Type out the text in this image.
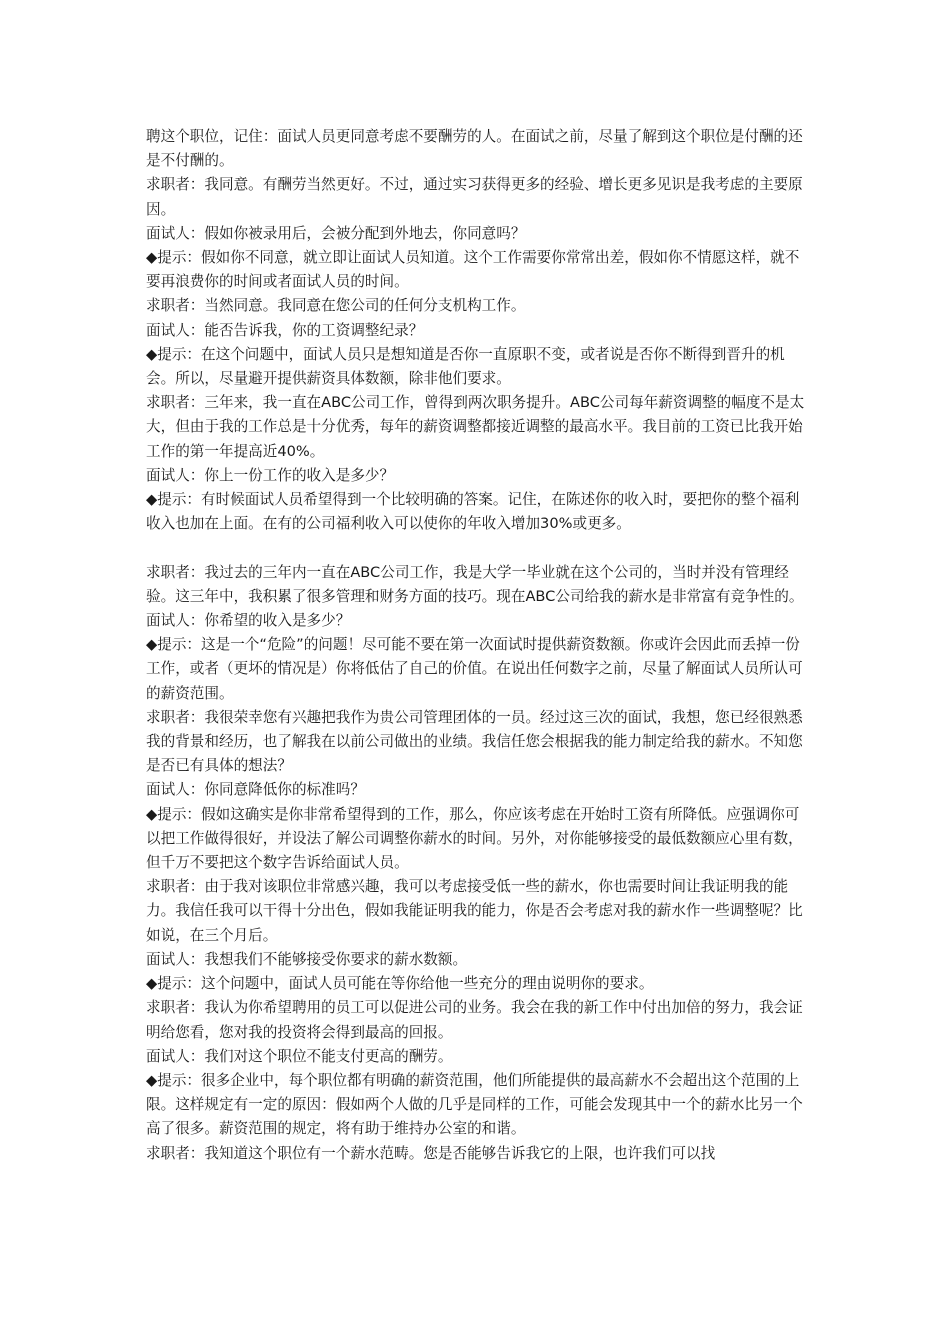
聘这个职位，记住：面试人员更同意考虑不要酬劳的人。在面试之前，尽量了解到这个职位是付酬的还是不付酬的。

求职者：我同意。有酬劳当然更好。不过，通过实习获得更多的经验、增长更多见识是我考虑的主要原因。

面试人：假如你被录用后，会被分配到外地去，你同意吗？

◆提示：假如你不同意，就立即让面试人员知道。这个工作需要你常常出差，假如你不情愿这样，就不要再浪费你的时间或者面试人员的时间。

求职者：当然同意。我同意在您公司的任何分支机构工作。

面试人：能否告诉我，你的工资调整纪录？

◆提示：在这个问题中，面试人员只是想知道是否你一直原职不变，或者说是否你不断得到晋升的机会。所以，尽量避开提供薪资具体数额，除非他们要求。

求职者：三年来，我一直在ABC公司工作，曾得到两次职务提升。ABC公司每年薪资调整的幅度不是太大，但由于我的工作总是十分优秀，每年的薪资调整都接近调整的最高水平。我目前的工资已比我开始工作的第一年提高近40%。

面试人：你上一份工作的收入是多少？

◆提示：有时候面试人员希望得到一个比较明确的答案。记住，在陈述你的收入时，要把你的整个福利收入也加在上面。在有的公司福利收入可以使你的年收入增加30%或更多。

求职者：我过去的三年内一直在ABC公司工作，我是大学一毕业就在这个公司的，当时并没有管理经验。这三年中，我积累了很多管理和财务方面的技巧。现在ABC公司给我的薪水是非常富有竞争性的。

面试人：你希望的收入是多少？

◆提示：这是一个“危险”的问题！尽可能不要在第一次面试时提供薪资数额。你或许会因此而丢掉一份工作，或者（更坏的情况是）你将低估了自己的价值。在说出任何数字之前，尽量了解面试人员所认可的薪资范围。

求职者：我很荣幸您有兴趣把我作为贵公司管理团体的一员。经过这三次的面试，我想，您已经很熟悉我的背景和经历，也了解我在以前公司做出的业绩。我信任您会根据我的能力制定给我的薪水。不知您是否已有具体的想法？

面试人：你同意降低你的标准吗？

◆提示：假如这确实是你非常希望得到的工作，那么，你应该考虑在开始时工资有所降低。应强调你可以把工作做得很好，并设法了解公司调整你薪水的时间。另外，对你能够接受的最低数额应心里有数，但千万不要把这个数字告诉给面试人员。

求职者：由于我对该职位非常感兴趣，我可以考虑接受低一些的薪水，你也需要时间让我证明我的能力。我信任我可以干得十分出色，假如我能证明我的能力，你是否会考虑对我的薪水作一些调整呢？比如说，在三个月后。

面试人：我想我们不能够接受你要求的薪水数额。

◆提示：这个问题中，面试人员可能在等你给他一些充分的理由说明你的要求。

求职者：我认为你希望聘用的员工可以促进公司的业务。我会在我的新工作中付出加倍的努力，我会证明给您看，您对我的投资将会得到最高的回报。

面试人：我们对这个职位不能支付更高的酬劳。

◆提示：很多企业中，每个职位都有明确的薪资范围，他们所能提供的最高薪水不会超出这个范围的上限。这样规定有一定的原因：假如两个人做的几乎是同样的工作，可能会发现其中一个的薪水比另一个高了很多。薪资范围的规定，将有助于维持办公室的和谐。

求职者：我知道这个职位有一个薪水范畴。您是否能够告诉我它的上限，也许我们可以找
